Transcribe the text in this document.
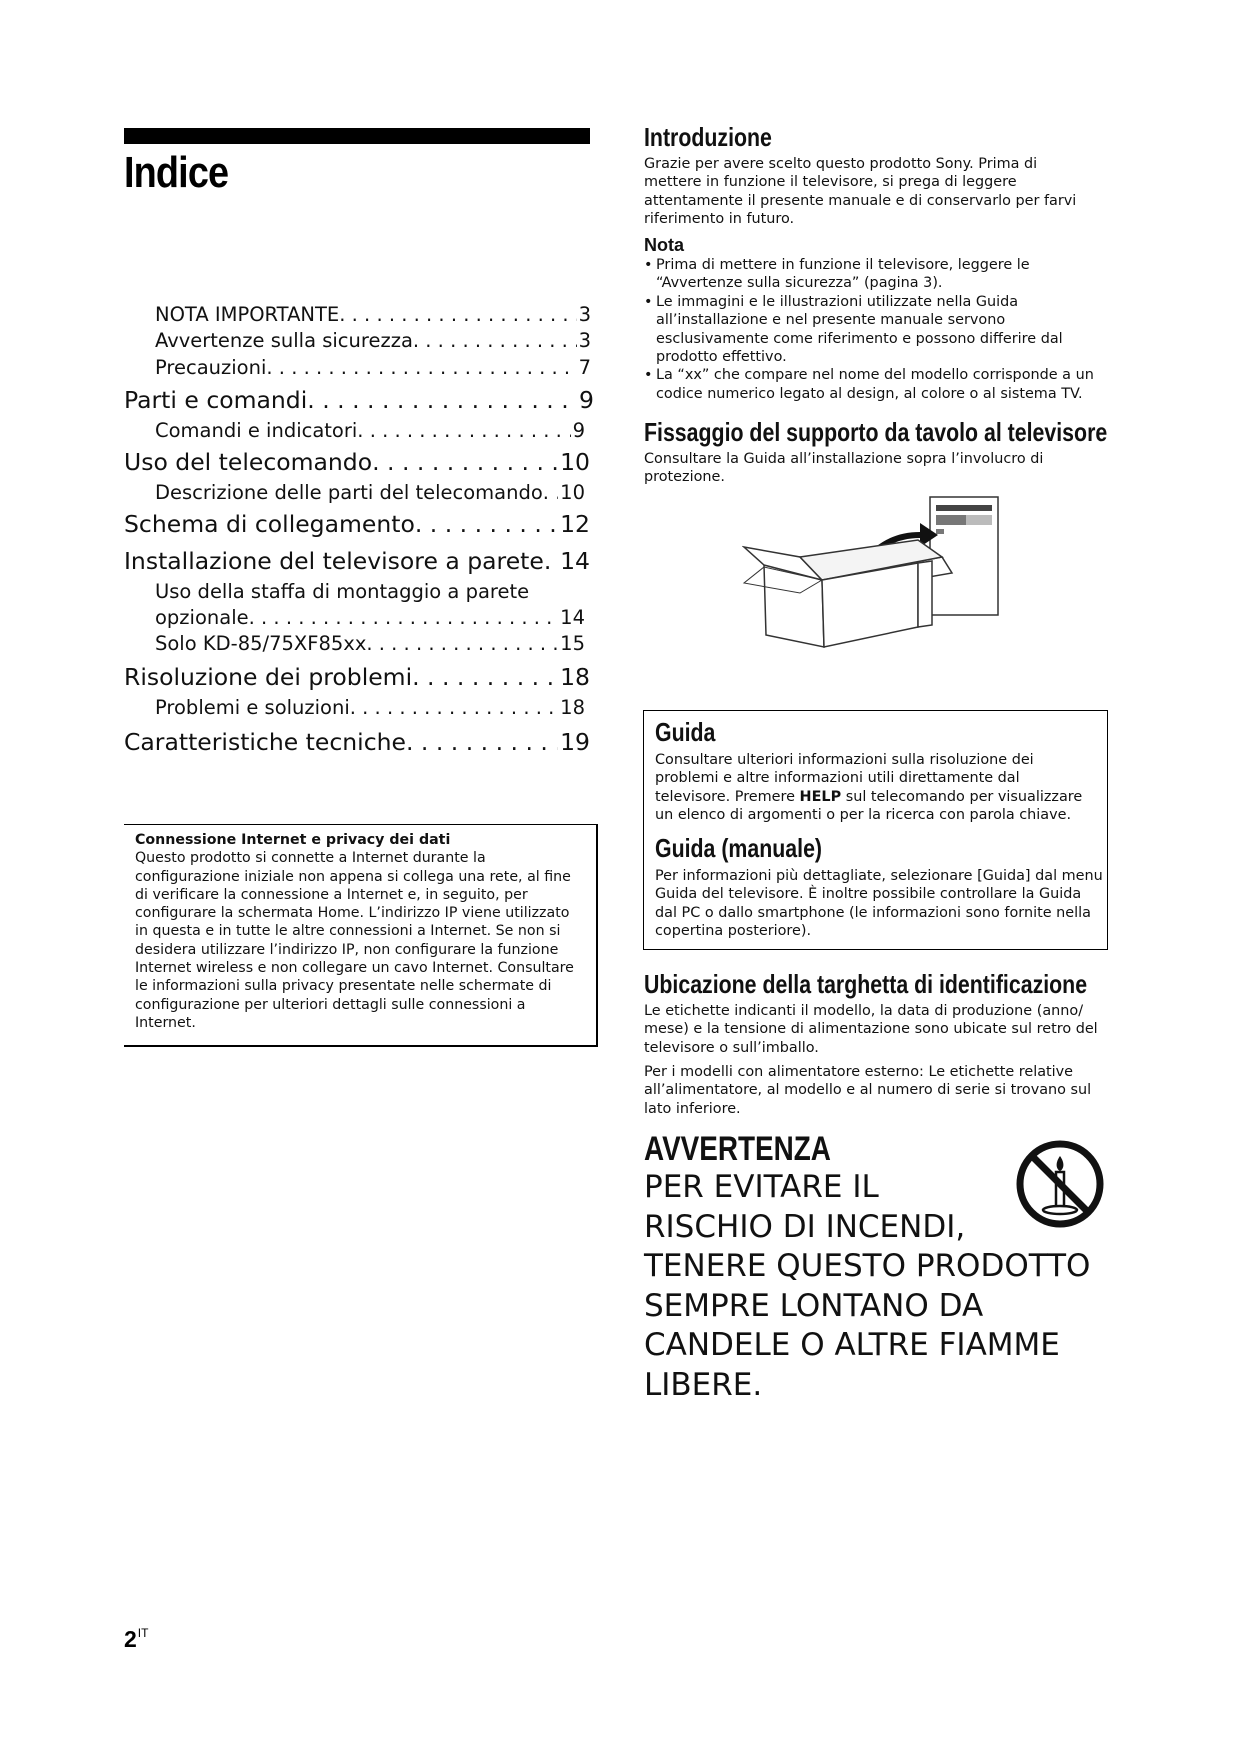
Indice
NOTA IMPORTANTE . . .	3
Avvertenze sulla sicurezza . . .	3
Precauzioni . . .	7
Parti e comandi . . .	9
Comandi e indicatori . . .	9
Uso del telecomando . . .	10
Descrizione delle parti del telecomando . . . 10
Schema di collegamento . . .	12
Installazione del televisore a parete . . . 14
Uso della staffa di montaggio a parete
opzionale . . .	14
Solo KD-85/75XF85xx . . .	15
Risoluzione dei problemi . . .	18
Problemi e soluzioni . . .	18
Caratteristiche tecniche . . .	19
Connessione Internet e privacy dei dati
Questo prodotto si connette a Internet durante la configurazione iniziale non appena si collega una rete, al fine di verificare la connessione a Internet e, in seguito, per configurare la schermata Home. L’indirizzo IP viene utilizzato in questa e in tutte le altre connessioni a Internet. Se non si desidera utilizzare l’indirizzo IP, non configurare la funzione Internet wireless e non collegare un cavo Internet. Consultare le informazioni sulla privacy presentate nelle schermate di configurazione per ulteriori dettagli sulle connessioni a Internet.
$2^{IT}$
Introduzione
Grazie per avere scelto questo prodotto Sony. Prima di mettere in funzione il televisore, si prega di leggere attentamente il presente manuale e di conservarlo per farvi riferimento in futuro.
Nota
• Prima di mettere in funzione il televisore, leggere le “Avvertenze sulla sicurezza” (pagina 3).
• Le immagini e le illustrazioni utilizzate nella Guida all’installazione e nel presente manuale servono esclusivamente come riferimento e possono differire dal prodotto effettivo.
• La “xx” che compare nel nome del modello corrisponde a un codice numerico legato al design, al colore o al sistema TV.
Fissaggio del supporto da tavolo al televisore
Consultare la Guida all’installazione sopra l’involucro di protezione.
Guida
Consultare ulteriori informazioni sulla risoluzione dei problemi e altre informazioni utili direttamente dal televisore. Premere HELP sul telecomando per visualizzare un elenco di argomenti o per la ricerca con parola chiave.
Guida (manuale)
Per informazioni più dettagliate, selezionare [Guida] dal menu Guida del televisore. È inoltre possibile controllare la Guida dal PC o dallo smartphone (le informazioni sono fornite nella copertina posteriore).
Ubicazione della targhetta di identificazione
Le etichette indicanti il modello, la data di produzione (anno/ mese) e la tensione di alimentazione sono ubicate sul retro del televisore o sull’imballo.
Per i modelli con alimentatore esterno: Le etichette relative all’alimentatore, al modello e al numero di serie si trovano sul lato inferiore.
AVVERTENZA
PER EVITARE IL
RISCHIO DI INCENDI,
TENERE QUESTO PRODOTTO
SEMPRE LONTANO DA
CANDELE O ALTRE FIAMME
LIBERE.
